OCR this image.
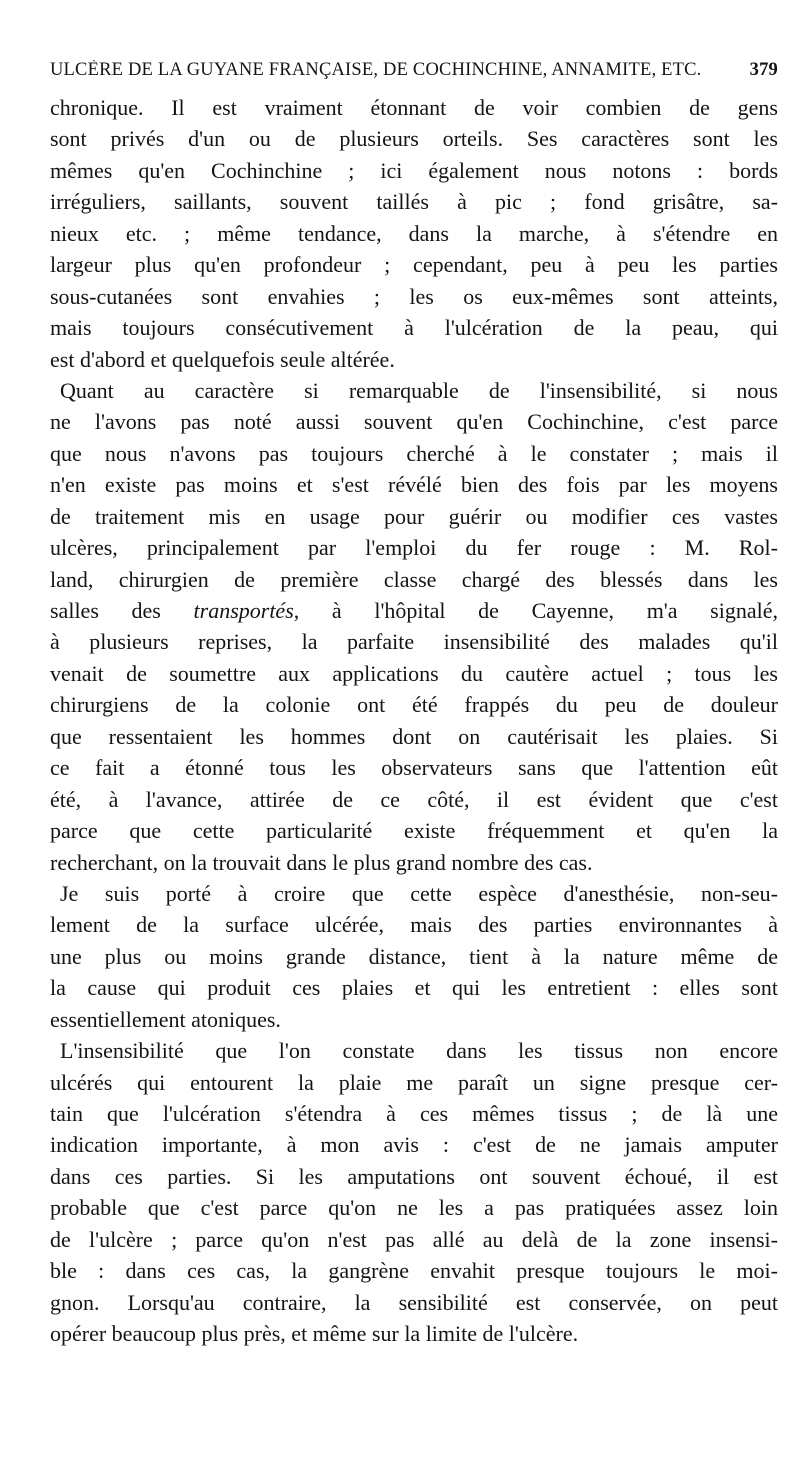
ULCÈRE DE LA GUYANE FRANÇAISE, DE COCHINCHINE, ANNAMITE, ETC.	379
chronique. Il est vraiment étonnant de voir combien de gens
sont privés d'un ou de plusieurs orteils. Ses caractères sont les
mêmes qu'en Cochinchine ; ici également nous notons : bords
irréguliers, saillants, souvent taillés à pic ; fond grisâtre, sa-
nieux etc. ; même tendance, dans la marche, à s'étendre en
largeur plus qu'en profondeur ; cependant, peu à peu les parties
sous-cutanées sont envahies ; les os eux-mêmes sont atteints,
mais toujours consécutivement à l'ulcération de la peau, qui
est d'abord et quelquefois seule altérée.
Quant au caractère si remarquable de l'insensibilité, si nous
ne l'avons pas noté aussi souvent qu'en Cochinchine, c'est parce
que nous n'avons pas toujours cherché à le constater ; mais il
n'en existe pas moins et s'est révélé bien des fois par les moyens
de traitement mis en usage pour guérir ou modifier ces vastes
ulcères, principalement par l'emploi du fer rouge : M. Rol-
land, chirurgien de première classe chargé des blessés dans les
salles des transportés, à l'hôpital de Cayenne, m'a signalé,
à plusieurs reprises, la parfaite insensibilité des malades qu'il
venait de soumettre aux applications du cautère actuel ; tous les
chirurgiens de la colonie ont été frappés du peu de douleur
que ressentaient les hommes dont on cautérisait les plaies. Si
ce fait a étonné tous les observateurs sans que l'attention eût
été, à l'avance, attirée de ce côté, il est évident que c'est
parce que cette particularité existe fréquemment et qu'en la
recherchant, on la trouvait dans le plus grand nombre des cas.
Je suis porté à croire que cette espèce d'anesthésie, non-seu-
lement de la surface ulcérée, mais des parties environnantes à
une plus ou moins grande distance, tient à la nature même de
la cause qui produit ces plaies et qui les entretient : elles sont
essentiellement atoniques.
L'insensibilité que l'on constate dans les tissus non encore
ulcérés qui entourent la plaie me paraît un signe presque cer-
tain que l'ulcération s'étendra à ces mêmes tissus ; de là une
indication importante, à mon avis : c'est de ne jamais amputer
dans ces parties. Si les amputations ont souvent échoué, il est
probable que c'est parce qu'on ne les a pas pratiquées assez loin
de l'ulcère ; parce qu'on n'est pas allé au delà de la zone insensi-
ble : dans ces cas, la gangrène envahit presque toujours le moi-
gnon. Lorsqu'au contraire, la sensibilité est conservée, on peut
opérer beaucoup plus près, et même sur la limite de l'ulcère.
